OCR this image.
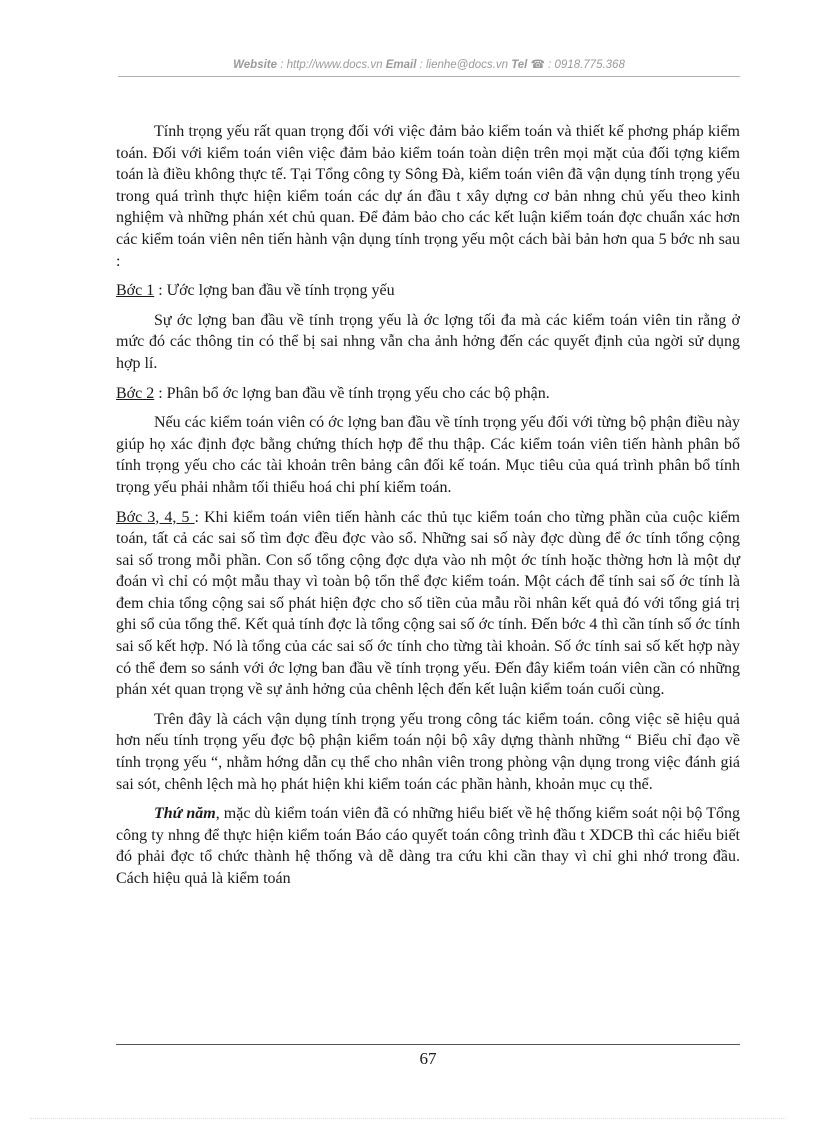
Website : http://www.docs.vn Email : lienhe@docs.vn Tel ☎ : 0918.775.368

Tính trọng yếu rất quan trọng đối với việc đảm bảo kiểm toán và thiết kế phơng pháp kiểm toán. Đối với kiểm toán viên việc đảm bảo kiểm toán toàn diện trên mọi mặt của đối tợng kiểm toán là điều không thực tế. Tại Tổng công ty Sông Đà, kiểm toán viên đã vận dụng tính trọng yếu trong quá trình thực hiện kiểm toán các dự án đầu t xây dựng cơ bản nhng chủ yếu theo kinh nghiệm và những phán xét chủ quan. Để đảm bảo cho các kết luận kiểm toán đợc chuẩn xác hơn các kiểm toán viên nên tiến hành vận dụng tính trọng yếu một cách bài bản hơn qua 5 bớc nh sau :

Bớc 1 : Ước lợng ban đầu về tính trọng yếu

Sự ớc lợng ban đầu về tính trọng yếu là ớc lợng tối đa mà các kiểm toán viên tin rằng ở mức đó các thông tin có thể bị sai nhng vẫn cha ảnh hởng đến các quyết định của ngời sử dụng hợp lí.

Bớc 2 : Phân bổ ớc lợng ban đầu về tính trọng yếu cho các bộ phận.

Nếu các kiểm toán viên có ớc lợng ban đầu về tính trọng yếu đối với từng bộ phận điều này giúp họ xác định đợc bằng chứng thích hợp để thu thập. Các kiểm toán viên tiến hành phân bổ tính trọng yếu cho các tài khoản trên bảng cân đối kế toán. Mục tiêu của quá trình phân bổ tính trọng yếu phải nhằm tối thiểu hoá chi phí kiểm toán.

Bớc 3, 4, 5 : Khi kiểm toán viên tiến hành các thủ tục kiểm toán cho từng phần của cuộc kiểm toán, tất cả các sai số tìm đợc đều đợc vào sổ. Những sai số này đợc dùng để ớc tính tổng cộng sai số trong mỗi phần. Con số tổng cộng đợc dựa vào nh một ớc tính hoặc thờng hơn là một dự đoán vì chỉ có một mẫu thay vì toàn bộ tổn thể đợc kiểm toán. Một cách để tính sai số ớc tính là đem chia tổng cộng sai số phát hiện đợc cho số tiền của mẫu rồi nhân kết quả đó với tổng giá trị ghi sổ của tổng thể. Kết quả tính đợc là tổng cộng sai số ớc tính. Đến bớc 4 thì cần tính số ớc tính sai số kết hợp. Nó là tổng của các sai số ớc tính cho từng tài khoản. Số ớc tính sai số kết hợp này có thể đem so sánh với ớc lợng ban đầu về tính trọng yếu. Đến đây kiểm toán viên cần có những phán xét quan trọng về sự ảnh hởng của chênh lệch đến kết luận kiểm toán cuối cùng.

Trên đây là cách vận dụng tính trọng yếu trong công tác kiểm toán. công việc sẽ hiệu quả hơn nếu tính trọng yếu đợc bộ phận kiểm toán nội bộ xây dựng thành những “ Biểu chỉ đạo về tính trọng yếu “, nhằm hớng dẫn cụ thể cho nhân viên trong phòng vận dụng trong việc đánh giá sai sót, chênh lệch mà họ phát hiện khi kiểm toán các phần hành, khoản mục cụ thể.

Thứ năm, mặc dù kiểm toán viên đã có những hiểu biết về hệ thống kiểm soát nội bộ Tổng công ty nhng để thực hiện kiểm toán Báo cáo quyết toán công trình đầu t XDCB thì các hiểu biết đó phải đợc tổ chức thành hệ thống và dễ dàng tra cứu khi cần thay vì chỉ ghi nhớ trong đầu. Cách hiệu quả là kiểm toán

67
